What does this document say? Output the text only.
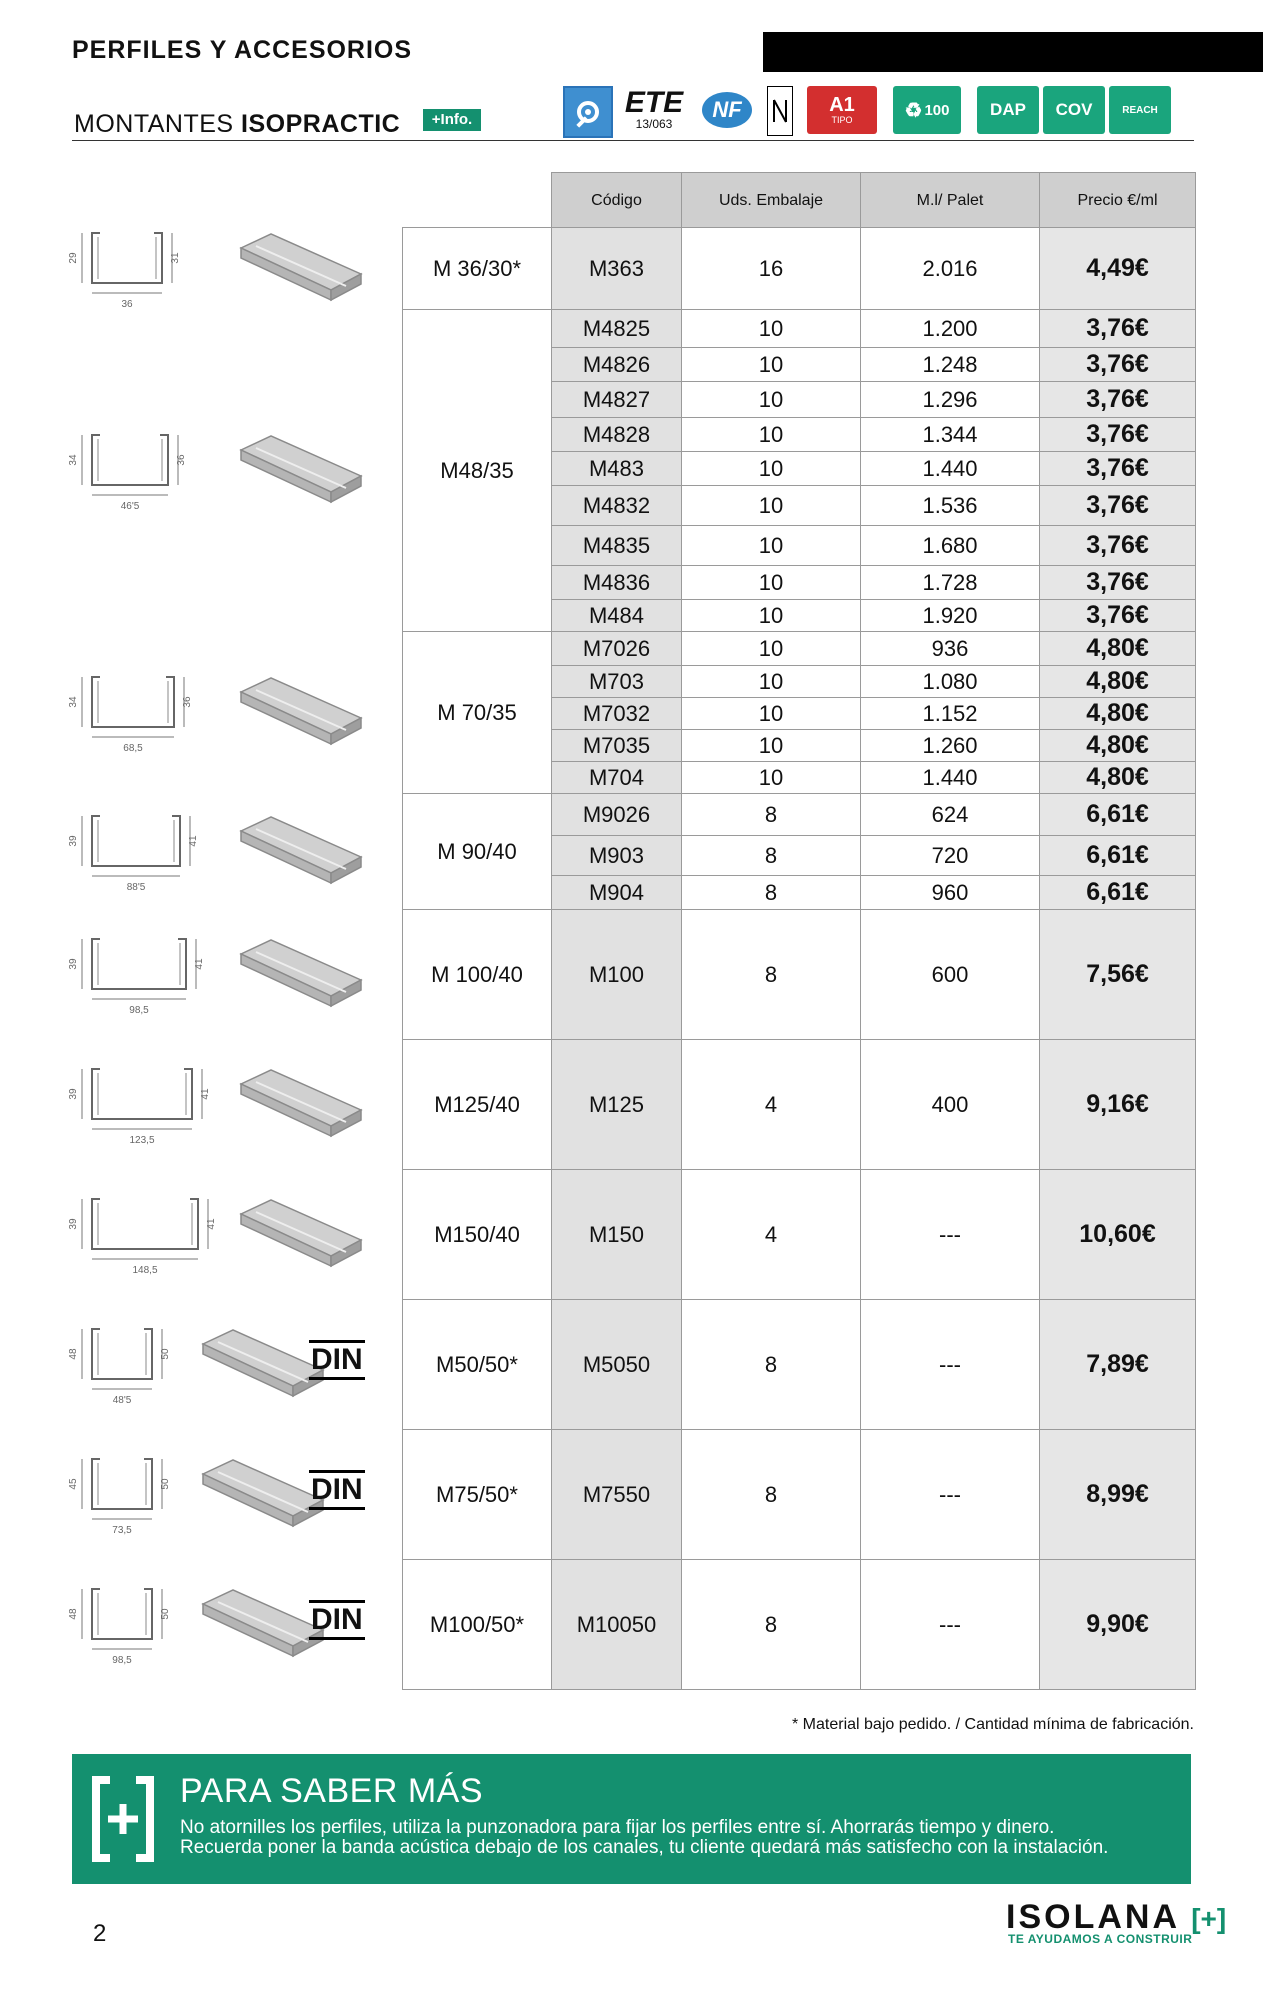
PERFILES Y ACCESORIOS
MONTANTES ISOPRACTIC	+Info.
ETE
13/063
NF	A1
TIPO	♻ 100	DAP	COV	REACH
	Código	Uds. Embalaje	M.l/ Palet	Precio €/ml
M 36/30*	M363	16	2.016	4,49€
M48/35	M4825	10	1.200	3,76€
	M4826	10	1.248	3,76€
	M4827	10	1.296	3,76€
	M4828	10	1.344	3,76€
	M483	10	1.440	3,76€
	M4832	10	1.536	3,76€
	M4835	10	1.680	3,76€
	M4836	10	1.728	3,76€
	M484	10	1.920	3,76€
M 70/35	M7026	10	936	4,80€
	M703	10	1.080	4,80€
	M7032	10	1.152	4,80€
	M7035	10	1.260	4,80€
	M704	10	1.440	4,80€
M 90/40	M9026	8	624	6,61€
	M903	8	720	6,61€
	M904	8	960	6,61€
M 100/40	M100	8	600	7,56€
M125/40	M125	4	400	9,16€
M150/40	M150	4	---	10,60€
M50/50*	M5050	8	---	7,89€
M75/50*	M7550	8	---	8,99€
M100/50*	M10050	8	---	9,90€
36
29	31
46'5
34	36
68,5
34	36
88'5
39	41
98,5
39	41
123,5
39	41
148,5
39	41
48'5
48	50	DIN
73,5
45	50	DIN
98,5
48	50	DIN
* Material bajo pedido. / Cantidad mínima de fabricación.
PARA SABER MÁS
No atornilles los perfiles, utiliza la punzonadora para fijar los perfiles entre sí. Ahorrarás tiempo y dinero.
Recuerda poner la banda acústica debajo de los canales, tu cliente quedará más satisfecho con la instalación.
2	ISOLANA [+]
TE AYUDAMOS A CONSTRUIR
